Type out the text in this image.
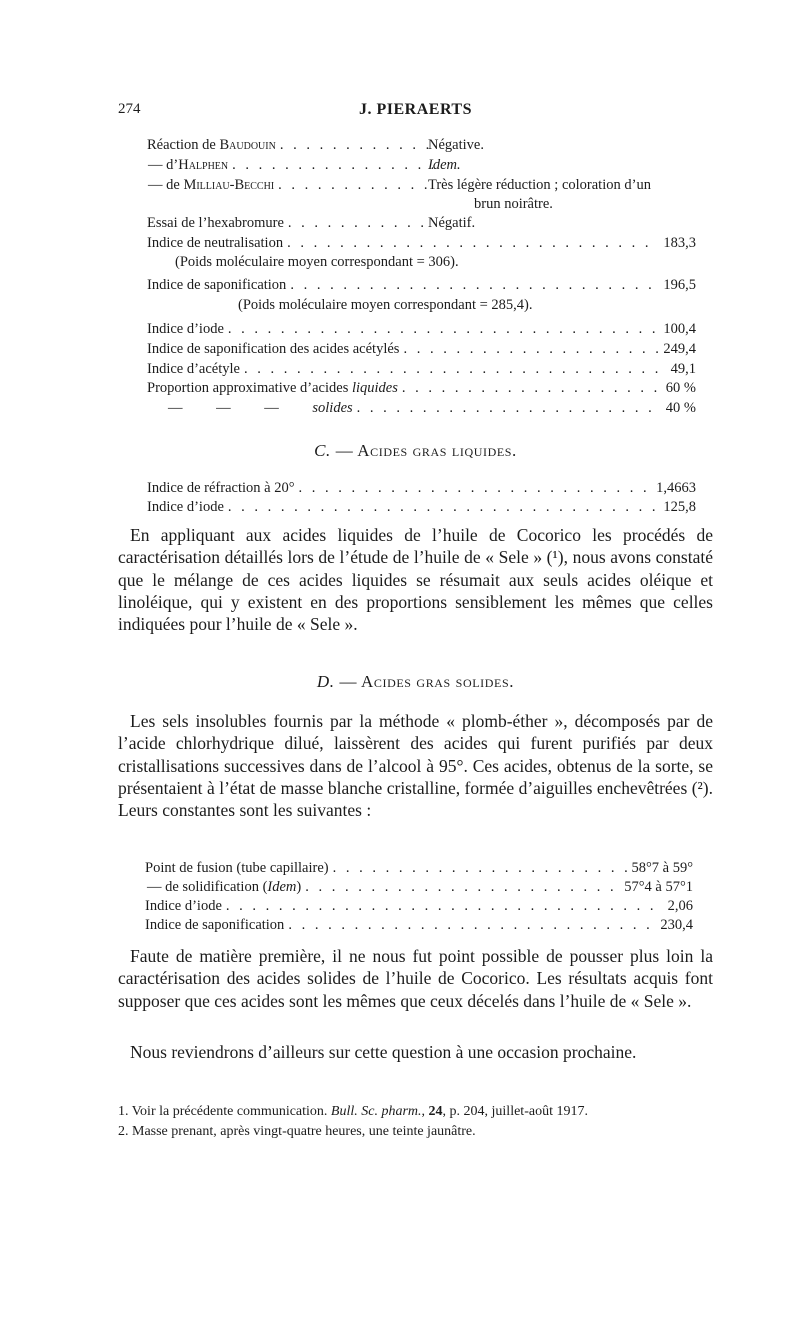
274	J. PIERAERTS
Réaction de Baudouin . . .	Négative.
— d’Halphen . . .	Idem.
— de Milliau-Becchi . . .	Très légère réduction ; coloration d’un
brun noirâtre.
Essai de l’hexabromure . . .	Négatif.
Indice de neutralisation . . .	183,3
(Poids moléculaire moyen correspondant = 306).
Indice de saponification . . .	196,5
(Poids moléculaire moyen correspondant = 285,4).
Indice d’iode . . .	100,4
Indice de saponification des acides acétylés . . .	249,4
Indice d’acétyle . . .	49,1
Proportion approximative d’acides liquides . . .	60 %
— — — solides . . .	40 %
C. — Acides gras liquides.
Indice de réfraction à 20° . . .	1,4663
Indice d’iode . . .	125,8
En appliquant aux acides liquides de l’huile de Cocorico les procédés de caractérisation détaillés lors de l’étude de l’huile de « Sele » (¹), nous avons constaté que le mélange de ces acides liquides se résumait aux seuls acides oléique et linoléique, qui y existent en des proportions sensiblement les mêmes que celles indiquées pour l’huile de « Sele ».
D. — Acides gras solides.
Les sels insolubles fournis par la méthode « plomb-éther », décomposés par de l’acide chlorhydrique dilué, laissèrent des acides qui furent purifiés par deux cristallisations successives dans de l’alcool à 95°. Ces acides, obtenus de la sorte, se présentaient à l’état de masse blanche cristalline, formée d’aiguilles enchevêtrées (²). Leurs constantes sont les suivantes :
Point de fusion (tube capillaire) . . .	58°7 à 59°
— de solidification (Idem) . . .	57°4 à 57°1
Indice d’iode . . .	2,06
Indice de saponification . . .	230,4
Faute de matière première, il ne nous fut point possible de pousser plus loin la caractérisation des acides solides de l’huile de Cocorico. Les résultats acquis font supposer que ces acides sont les mêmes que ceux décelés dans l’huile de « Sele ».
Nous reviendrons d’ailleurs sur cette question à une occasion prochaine.
1. Voir la précédente communication. Bull. Sc. pharm., 24, p. 204, juillet-août 1917.
2. Masse prenant, après vingt-quatre heures, une teinte jaunâtre.
